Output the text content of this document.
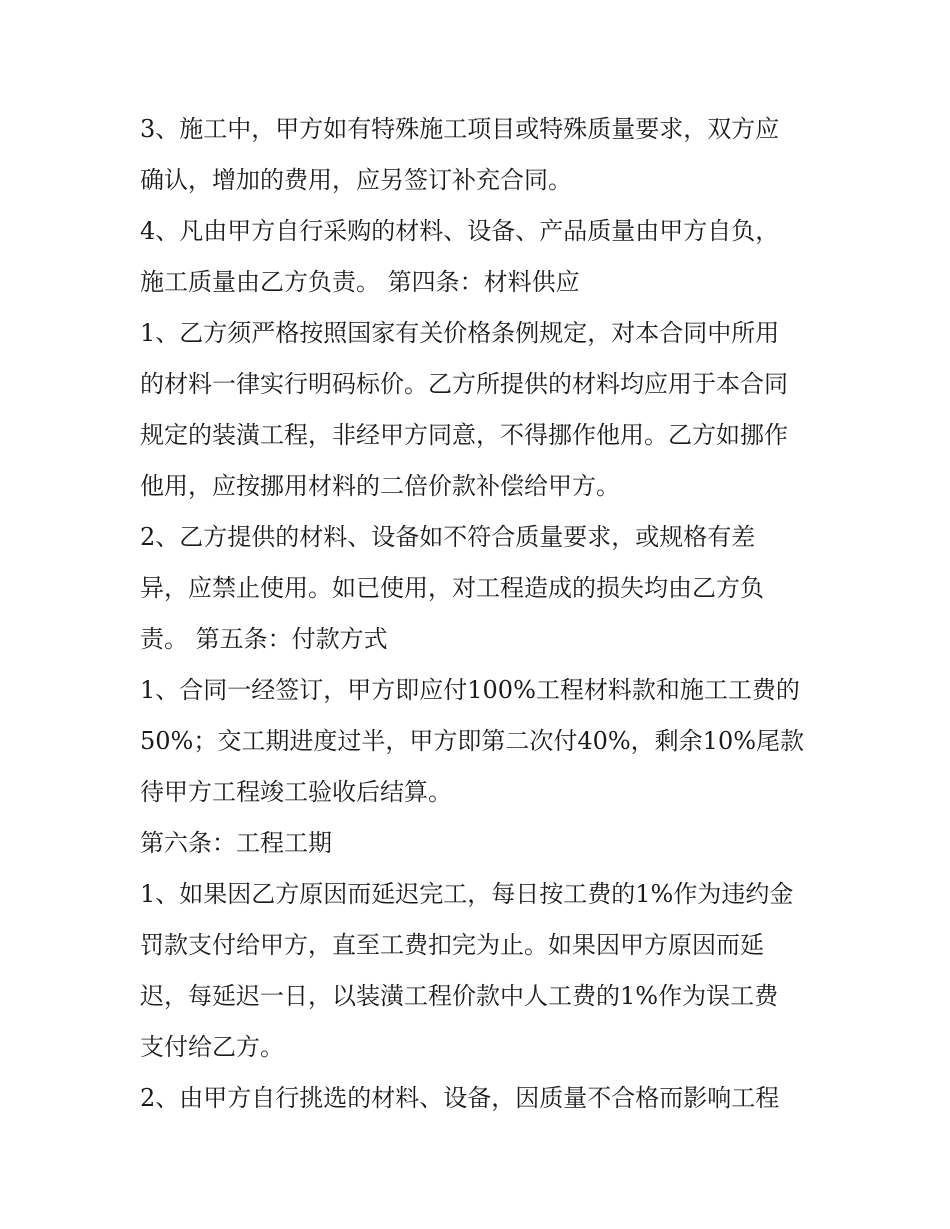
3、施工中，甲方如有特殊施工项目或特殊质量要求，双方应
确认，增加的费用，应另签订补充合同。
4、凡由甲方自行采购的材料、设备、产品质量由甲方自负，
施工质量由乙方负责。 第四条：材料供应
1、乙方须严格按照国家有关价格条例规定，对本合同中所用
的材料一律实行明码标价。乙方所提供的材料均应用于本合同
规定的装潢工程，非经甲方同意，不得挪作他用。乙方如挪作
他用，应按挪用材料的二倍价款补偿给甲方。
2、乙方提供的材料、设备如不符合质量要求，或规格有差
异，应禁止使用。如已使用，对工程造成的损失均由乙方负
责。 第五条：付款方式
1、合同一经签订，甲方即应付100%工程材料款和施工工费的
50%；交工期进度过半，甲方即第二次付40%，剩余10%尾款
待甲方工程竣工验收后结算。
第六条：工程工期
1、如果因乙方原因而延迟完工，每日按工费的1%作为违约金
罚款支付给甲方，直至工费扣完为止。如果因甲方原因而延
迟，每延迟一日，以装潢工程价款中人工费的1%作为误工费
支付给乙方。
2、由甲方自行挑选的材料、设备，因质量不合格而影响工程
